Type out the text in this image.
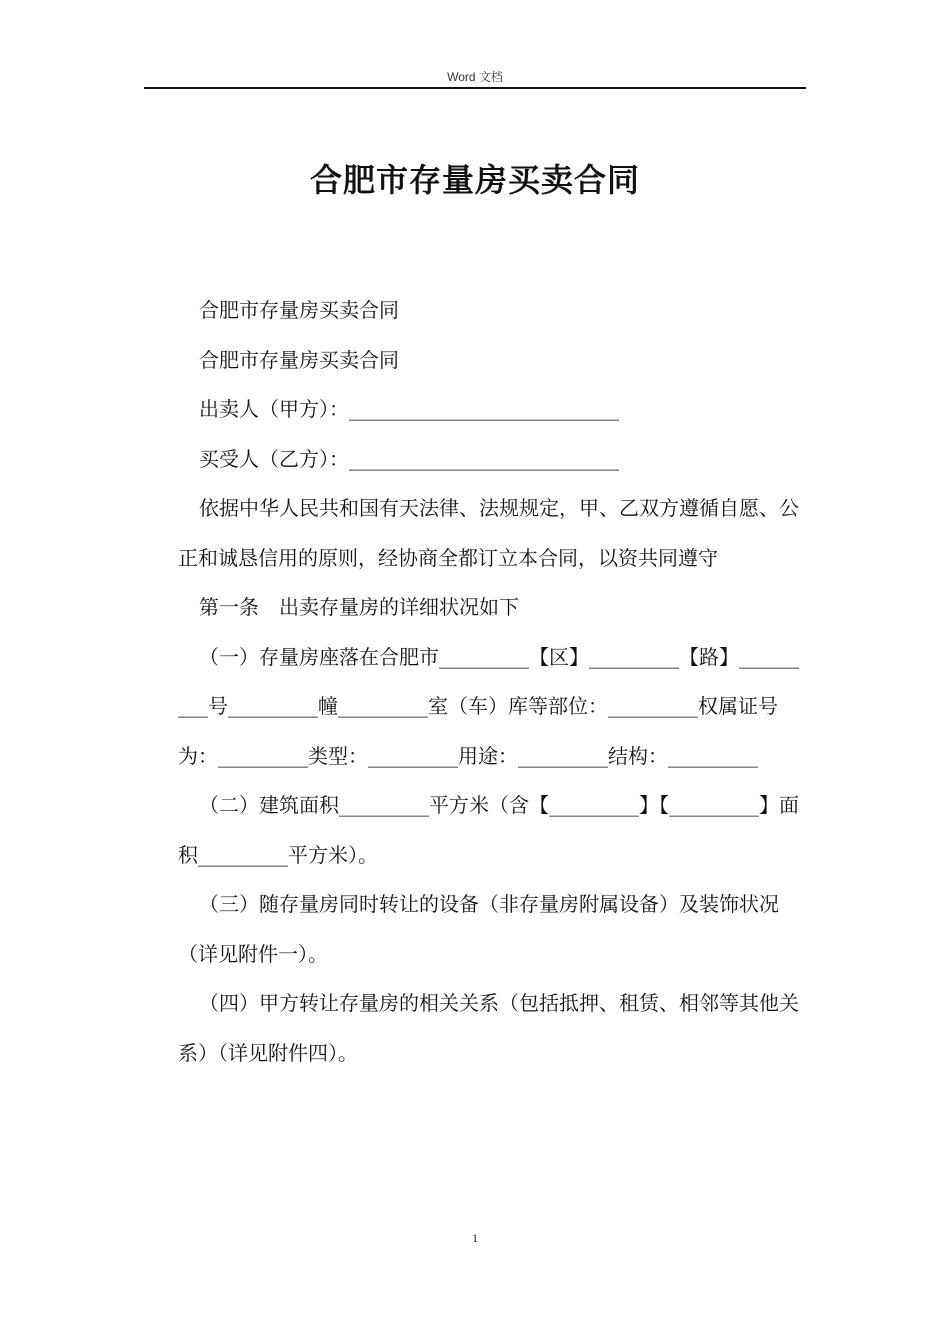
Word 文档
合肥市存量房买卖合同

合肥市存量房买卖合同

合肥市存量房买卖合同

出卖人（甲方）：___________________________

买受人（乙方）：___________________________

依据中华人民共和国有天法律、法规规定，甲、乙双方遵循自愿、公正和诚恳信用的原则，经协商全都订立本合同，以资共同遵守

第一条　出卖存量房的详细状况如下

（一）存量房座落在合肥市_________【区】_________【路】_________号_________幢_________室（车）库等部位：_________权属证号为：_________类型：_________用途：_________结构：_________

（二）建筑面积_________平方米（含【_________】【_________】面积_________平方米）。

（三）随存量房同时转让的设备（非存量房附属设备）及装饰状况（详见附件一）。

（四）甲方转让存量房的相关关系（包括抵押、租赁、相邻等其他关系）（详见附件四）。

1
